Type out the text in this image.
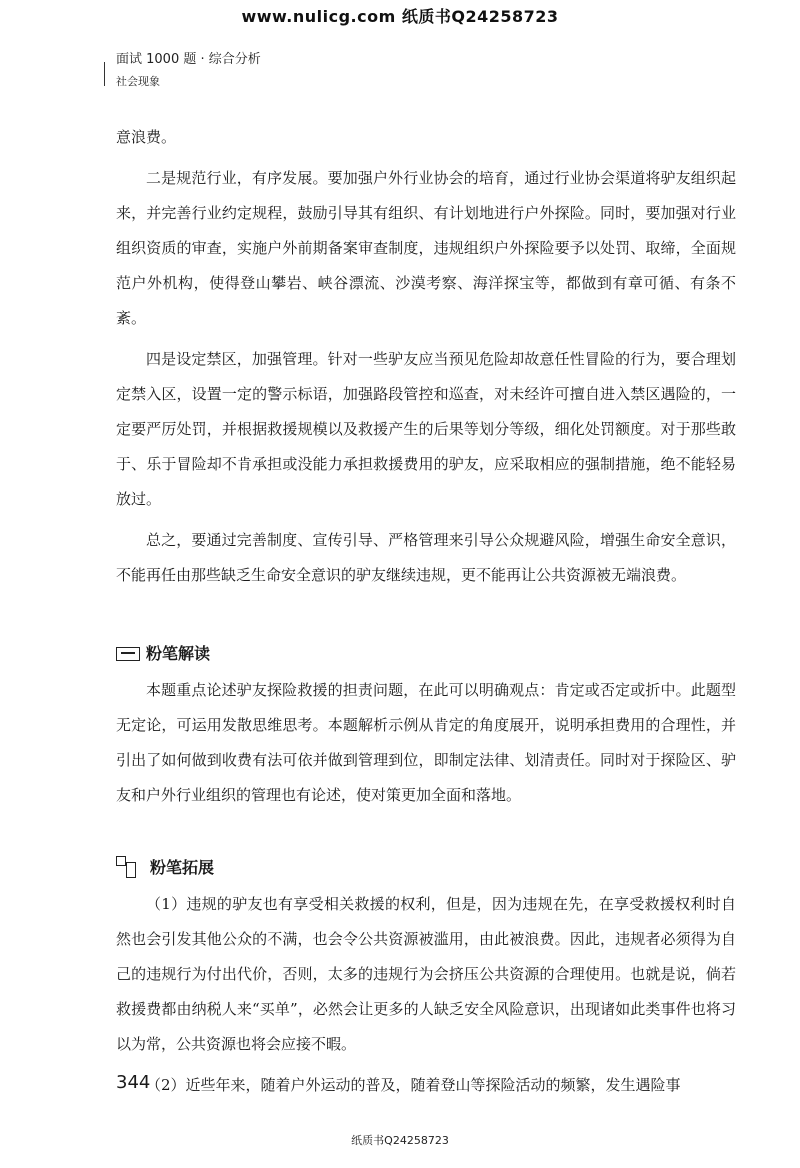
www.nulicg.com 纸质书Q24258723
面试 1000 题 · 综合分析
社会现象

意浪费。

二是规范行业，有序发展。要加强户外行业协会的培育，通过行业协会渠道将驴友组织起来，并完善行业约定规程，鼓励引导其有组织、有计划地进行户外探险。同时，要加强对行业组织资质的审查，实施户外前期备案审查制度，违规组织户外探险要予以处罚、取缔，全面规范户外机构，使得登山攀岩、峡谷漂流、沙漠考察、海洋探宝等，都做到有章可循、有条不紊。

四是设定禁区，加强管理。针对一些驴友应当预见危险却故意任性冒险的行为，要合理划定禁入区，设置一定的警示标语，加强路段管控和巡查，对未经许可擅自进入禁区遇险的，一定要严厉处罚，并根据救援规模以及救援产生的后果等划分等级，细化处罚额度。对于那些敢于、乐于冒险却不肯承担或没能力承担救援费用的驴友，应采取相应的强制措施，绝不能轻易放过。

总之，要通过完善制度、宣传引导、严格管理来引导公众规避风险，增强生命安全意识，不能再任由那些缺乏生命安全意识的驴友继续违规，更不能再让公共资源被无端浪费。

粉笔解读

本题重点论述驴友探险救援的担责问题，在此可以明确观点：肯定或否定或折中。此题型无定论，可运用发散思维思考。本题解析示例从肯定的角度展开，说明承担费用的合理性，并引出了如何做到收费有法可依并做到管理到位，即制定法律、划清责任。同时对于探险区、驴友和户外行业组织的管理也有论述，使对策更加全面和落地。

粉笔拓展

（1）违规的驴友也有享受相关救援的权利，但是，因为违规在先，在享受救援权利时自然也会引发其他公众的不满，也会令公共资源被滥用，由此被浪费。因此，违规者必须得为自己的违规行为付出代价，否则，太多的违规行为会挤压公共资源的合理使用。也就是说，倘若救援费都由纳税人来“买单”，必然会让更多的人缺乏安全风险意识，出现诸如此类事件也将习以为常，公共资源也将会应接不暇。

（2）近些年来，随着户外运动的普及，随着登山等探险活动的频繁，发生遇险事

344
纸质书Q24258723
